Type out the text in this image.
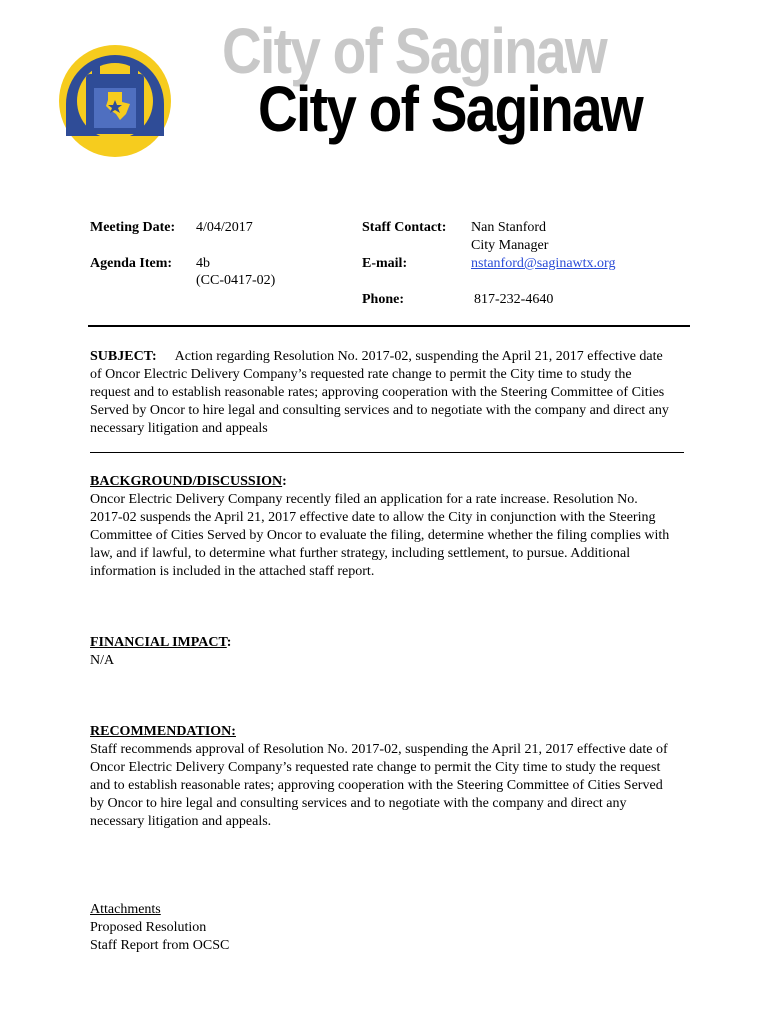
City of Saginaw
City of Saginaw
Meeting Date: 4/04/2017
Agenda Item: 4b
(CC-0417-02)
Staff Contact: Nan Stanford
City Manager
E-mail:	nstanford@saginawtx.org
Phone:	817-232-4640
SUBJECT: Action regarding Resolution No. 2017-02, suspending the April 21, 2017 effective date
of Oncor Electric Delivery Company’s requested rate change to permit the City time to study the
request and to establish reasonable rates; approving cooperation with the Steering Committee of Cities
Served by Oncor to hire legal and consulting services and to negotiate with the company and direct any
necessary litigation and appeals
BACKGROUND/DISCUSSION:
Oncor Electric Delivery Company recently filed an application for a rate increase. Resolution No.
2017-02 suspends the April 21, 2017 effective date to allow the City in conjunction with the Steering
Committee of Cities Served by Oncor to evaluate the filing, determine whether the filing complies with
law, and if lawful, to determine what further strategy, including settlement, to pursue. Additional
information is included in the attached staff report.
FINANCIAL IMPACT:
N/A
RECOMMENDATION:
Staff recommends approval of Resolution No. 2017-02, suspending the April 21, 2017 effective date of
Oncor Electric Delivery Company’s requested rate change to permit the City time to study the request
and to establish reasonable rates; approving cooperation with the Steering Committee of Cities Served
by Oncor to hire legal and consulting services and to negotiate with the company and direct any
necessary litigation and appeals.
Attachments
Proposed Resolution
Staff Report from OCSC
